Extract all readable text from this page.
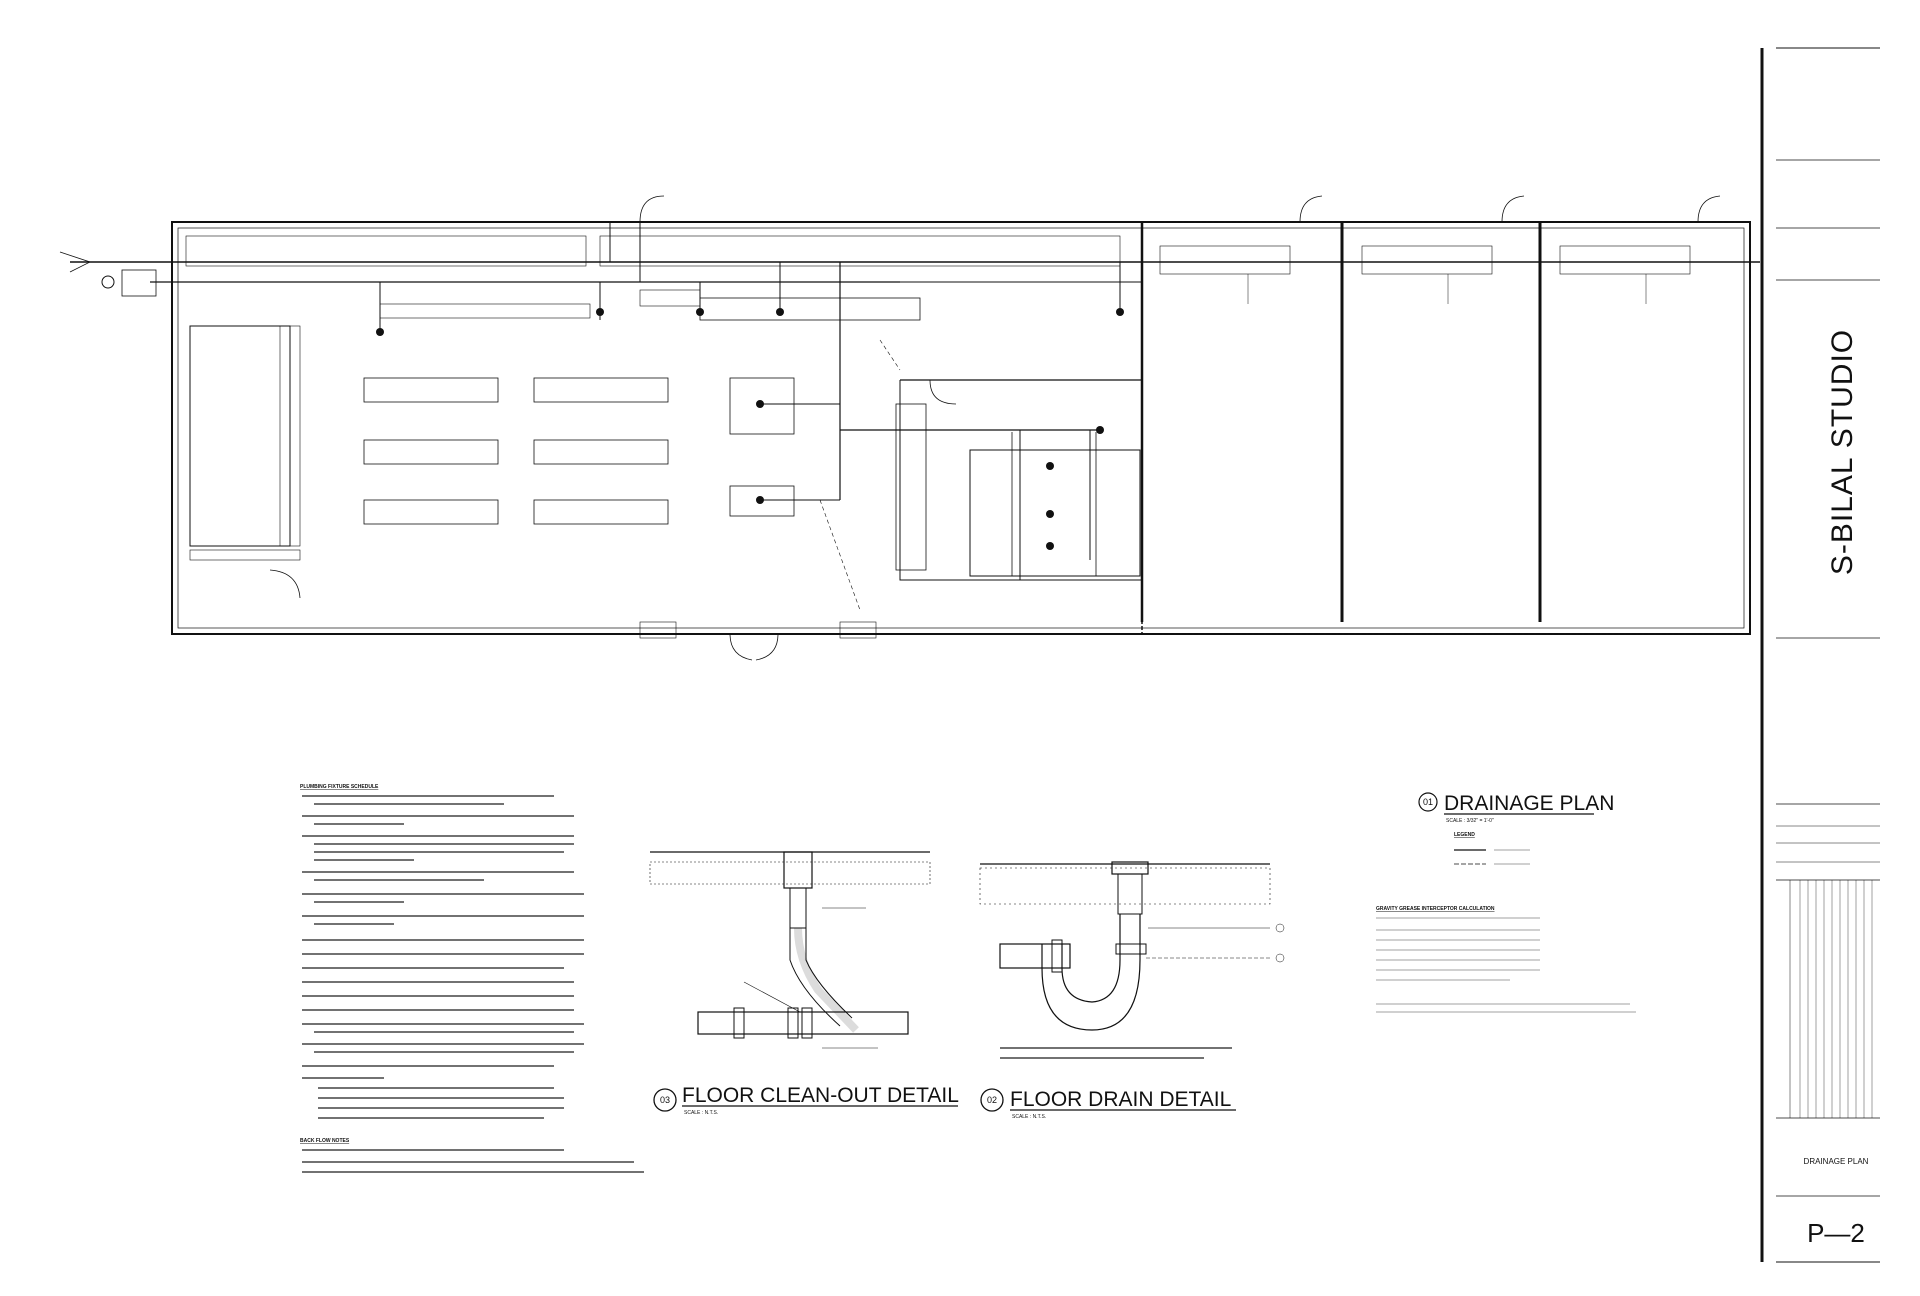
S-BILAL STUDIO
DRAINAGE PLAN
P—2
01 DRAINAGE PLAN
SCALE : 3/32" = 1'-0"
LEGEND
GRAVITY GREASE INTERCEPTOR CALCULATION
PLUMBING FIXTURE SCHEDULE
BACK FLOW NOTES
03 FLOOR CLEAN-OUT DETAIL
SCALE : N.T.S.
02 FLOOR DRAIN DETAIL
SCALE : N.T.S.
